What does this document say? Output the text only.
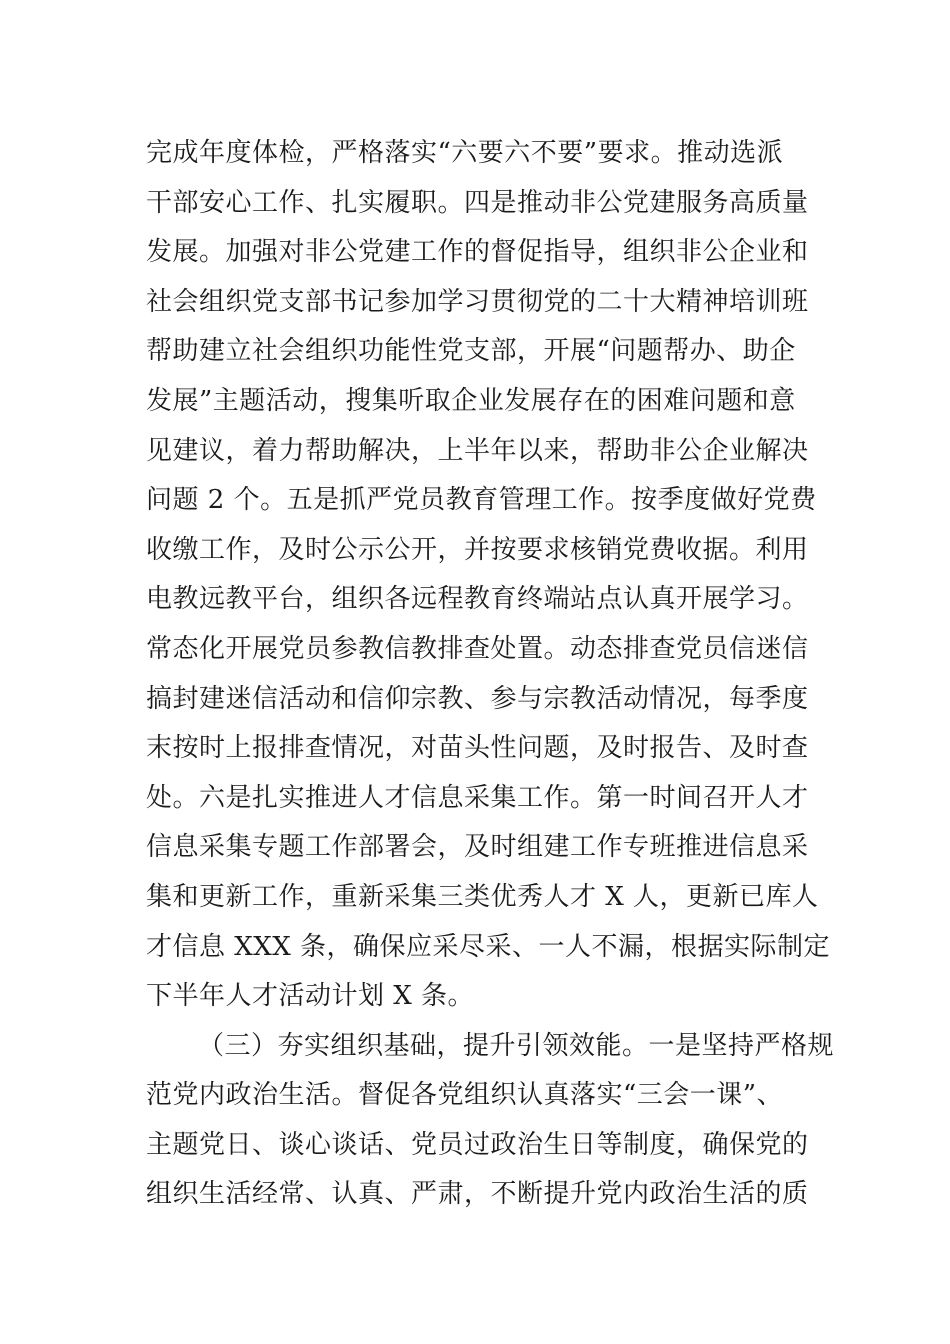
完成年度体检，严格落实“六要六不要”要求。推动选派
干部安心工作、扎实履职。四是推动非公党建服务高质量
发展。加强对非公党建工作的督促指导，组织非公企业和
社会组织党支部书记参加学习贯彻党的二十大精神培训班
帮助建立社会组织功能性党支部，开展“问题帮办、助企
发展”主题活动，搜集听取企业发展存在的困难问题和意
见建议，着力帮助解决，上半年以来，帮助非公企业解决
问题 2 个。五是抓严党员教育管理工作。按季度做好党费
收缴工作，及时公示公开，并按要求核销党费收据。利用
电教远教平台，组织各远程教育终端站点认真开展学习。
常态化开展党员参教信教排查处置。动态排查党员信迷信
搞封建迷信活动和信仰宗教、参与宗教活动情况，每季度
末按时上报排查情况，对苗头性问题，及时报告、及时查
处。六是扎实推进人才信息采集工作。第一时间召开人才
信息采集专题工作部署会，及时组建工作专班推进信息采
集和更新工作，重新采集三类优秀人才 X 人，更新已库人
才信息 XXX 条，确保应采尽采、一人不漏，根据实际制定
下半年人才活动计划 X 条。
（三）夯实组织基础，提升引领效能。一是坚持严格规
范党内政治生活。督促各党组织认真落实“三会一课”、
主题党日、谈心谈话、党员过政治生日等制度，确保党的
组织生活经常、认真、严肃，不断提升党内政治生活的质
